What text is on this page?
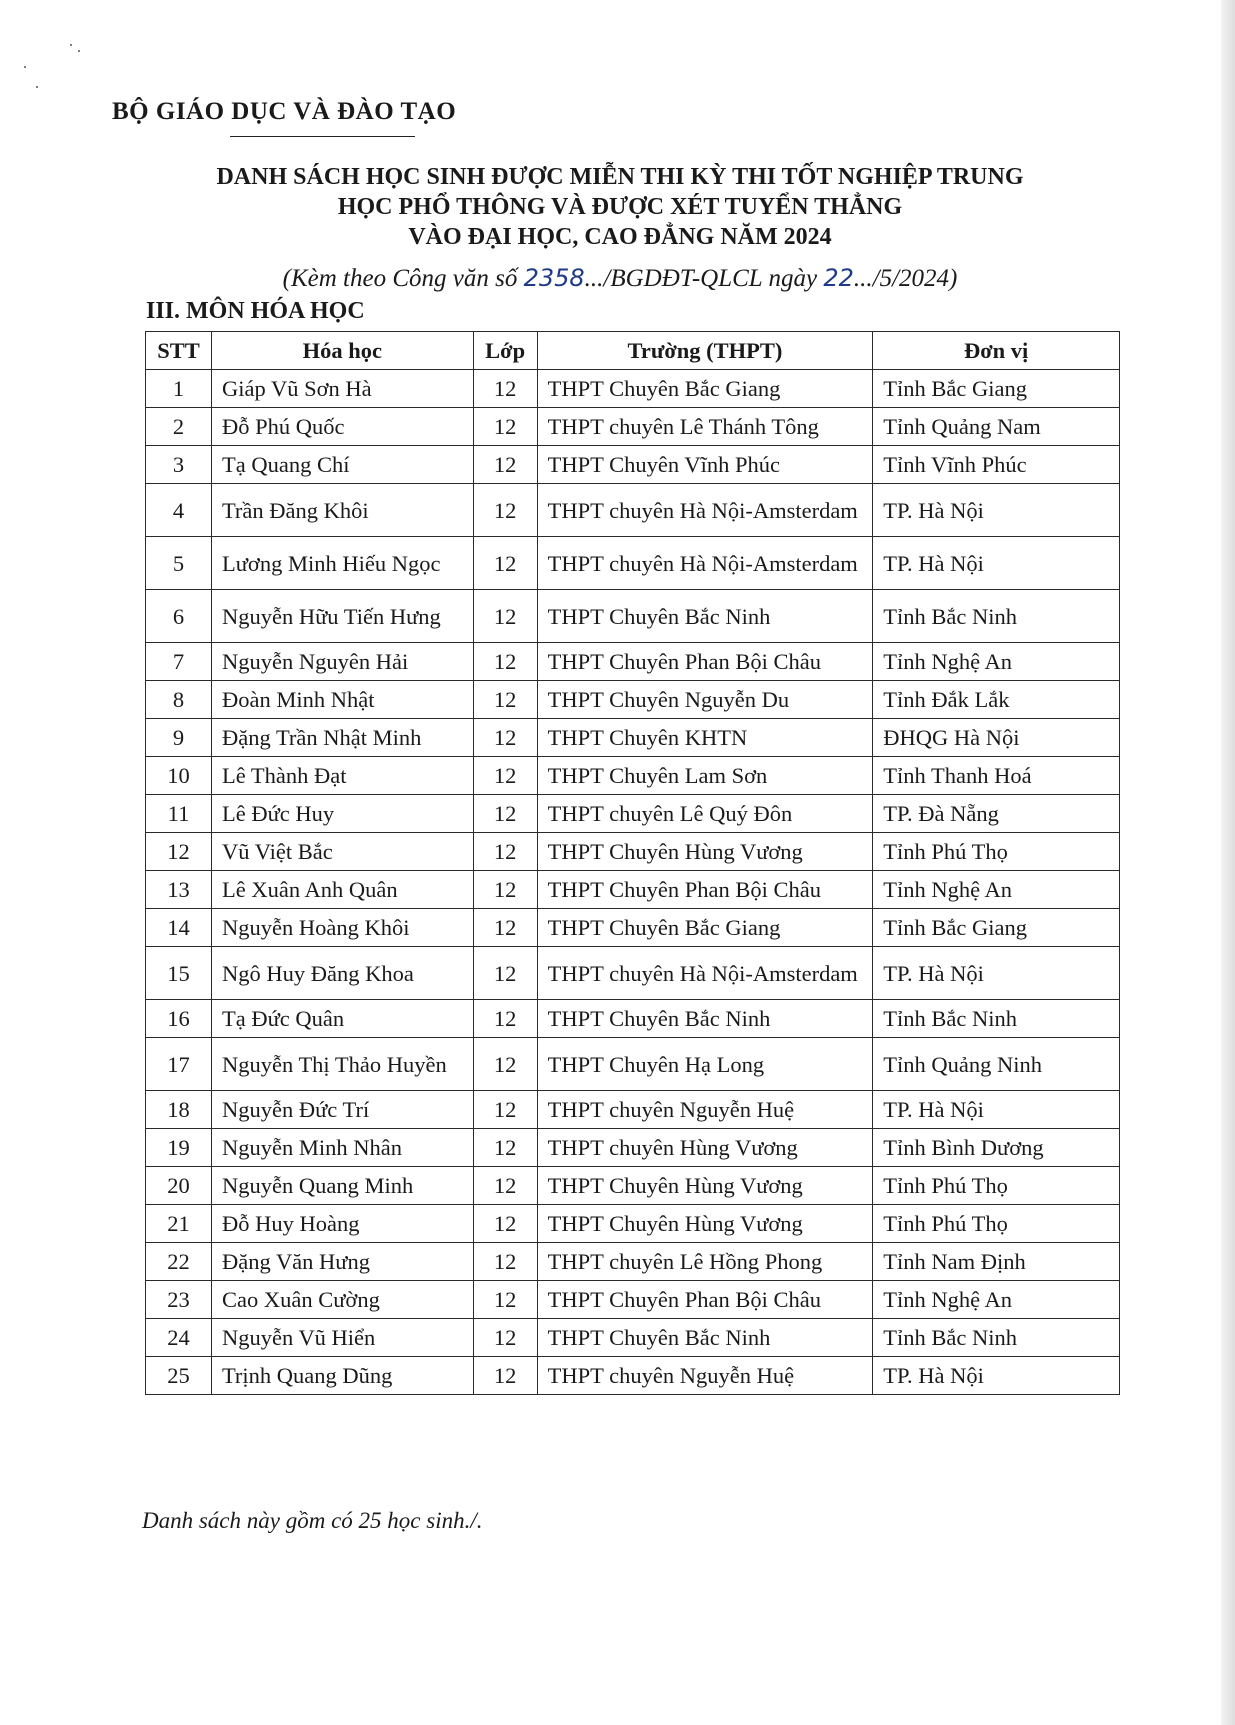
BỘ GIÁO DỤC VÀ ĐÀO TẠO
DANH SÁCH HỌC SINH ĐƯỢC MIỄN THI KỲ THI TỐT NGHIỆP TRUNG
HỌC PHỔ THÔNG VÀ ĐƯỢC XÉT TUYỂN THẲNG
VÀO ĐẠI HỌC, CAO ĐẲNG NĂM 2024
(Kèm theo Công văn số 2358.../BGDĐT-QLCL ngày 22.../5/2024)
III. MÔN HÓA HỌC
STT	Hóa học	Lớp	Trường (THPT)	Đơn vị
1	Giáp Vũ Sơn Hà	12	THPT Chuyên Bắc Giang	Tỉnh Bắc Giang
2	Đỗ Phú Quốc	12	THPT chuyên Lê Thánh Tông	Tỉnh Quảng Nam
3	Tạ Quang Chí	12	THPT Chuyên Vĩnh Phúc	Tỉnh Vĩnh Phúc
4	Trần Đăng Khôi	12	THPT chuyên Hà Nội-Amsterdam	TP. Hà Nội
5	Lương Minh Hiếu Ngọc	12	THPT chuyên Hà Nội-Amsterdam	TP. Hà Nội
6	Nguyễn Hữu Tiến Hưng	12	THPT Chuyên Bắc Ninh	Tỉnh Bắc Ninh
7	Nguyễn Nguyên Hải	12	THPT Chuyên Phan Bội Châu	Tỉnh Nghệ An
8	Đoàn Minh Nhật	12	THPT Chuyên Nguyễn Du	Tỉnh Đắk Lắk
9	Đặng Trần Nhật Minh	12	THPT Chuyên KHTN	ĐHQG Hà Nội
10	Lê Thành Đạt	12	THPT Chuyên Lam Sơn	Tỉnh Thanh Hoá
11	Lê Đức Huy	12	THPT chuyên Lê Quý Đôn	TP. Đà Nẵng
12	Vũ Việt Bắc	12	THPT Chuyên Hùng Vương	Tỉnh Phú Thọ
13	Lê Xuân Anh Quân	12	THPT Chuyên Phan Bội Châu	Tỉnh Nghệ An
14	Nguyễn Hoàng Khôi	12	THPT Chuyên Bắc Giang	Tỉnh Bắc Giang
15	Ngô Huy Đăng Khoa	12	THPT chuyên Hà Nội-Amsterdam	TP. Hà Nội
16	Tạ Đức Quân	12	THPT Chuyên Bắc Ninh	Tỉnh Bắc Ninh
17	Nguyễn Thị Thảo Huyền	12	THPT Chuyên Hạ Long	Tỉnh Quảng Ninh
18	Nguyễn Đức Trí	12	THPT chuyên Nguyễn Huệ	TP. Hà Nội
19	Nguyễn Minh Nhân	12	THPT chuyên Hùng Vương	Tỉnh Bình Dương
20	Nguyễn Quang Minh	12	THPT Chuyên Hùng Vương	Tỉnh Phú Thọ
21	Đỗ Huy Hoàng	12	THPT Chuyên Hùng Vương	Tỉnh Phú Thọ
22	Đặng Văn Hưng	12	THPT chuyên Lê Hồng Phong	Tỉnh Nam Định
23	Cao Xuân Cường	12	THPT Chuyên Phan Bội Châu	Tỉnh Nghệ An
24	Nguyễn Vũ Hiển	12	THPT Chuyên Bắc Ninh	Tỉnh Bắc Ninh
25	Trịnh Quang Dũng	12	THPT chuyên Nguyễn Huệ	TP. Hà Nội
Danh sách này gồm có 25 học sinh./.
